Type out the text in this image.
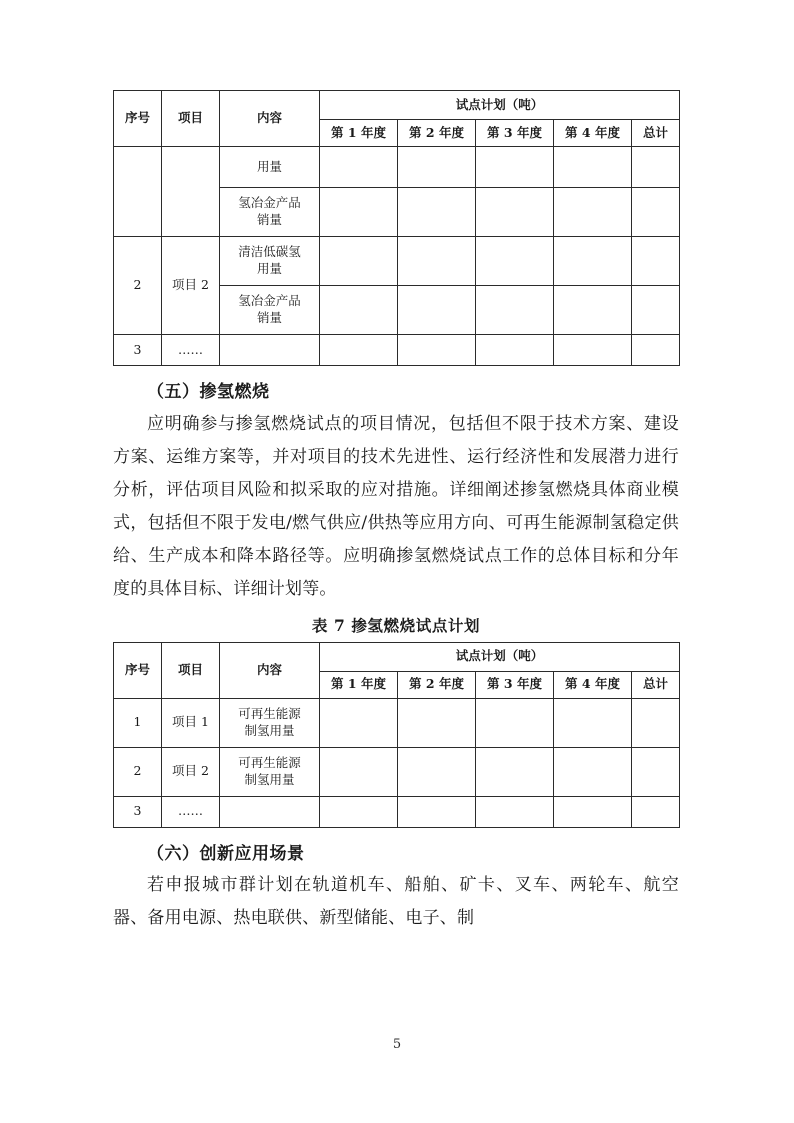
序号	项目	内容	试点计划（吨）				
			第 1 年度	第 2 年度	第 3 年度	第 4 年度	总计
		用量					
		氢冶金产品
销量					
2	项目 2	清洁低碳氢
用量					
		氢冶金产品
销量					
3	……						
（五）掺氢燃烧

应明确参与掺氢燃烧试点的项目情况，包括但不限于技术方案、建设方案、运维方案等，并对项目的技术先进性、运行经济性和发展潜力进行分析，评估项目风险和拟采取的应对措施。详细阐述掺氢燃烧具体商业模式，包括但不限于发电/燃气供应/供热等应用方向、可再生能源制氢稳定供给、生产成本和降本路径等。应明确掺氢燃烧试点工作的总体目标和分年度的具体目标、详细计划等。

表 7 掺氢燃烧试点计划
序号	项目	内容	试点计划（吨）				
			第 1 年度	第 2 年度	第 3 年度	第 4 年度	总计
1	项目 1	可再生能源
制氢用量					
2	项目 2	可再生能源
制氢用量					
3	……						
（六）创新应用场景

若申报城市群计划在轨道机车、船舶、矿卡、叉车、两轮车、航空器、备用电源、热电联供、新型储能、电子、制

5
